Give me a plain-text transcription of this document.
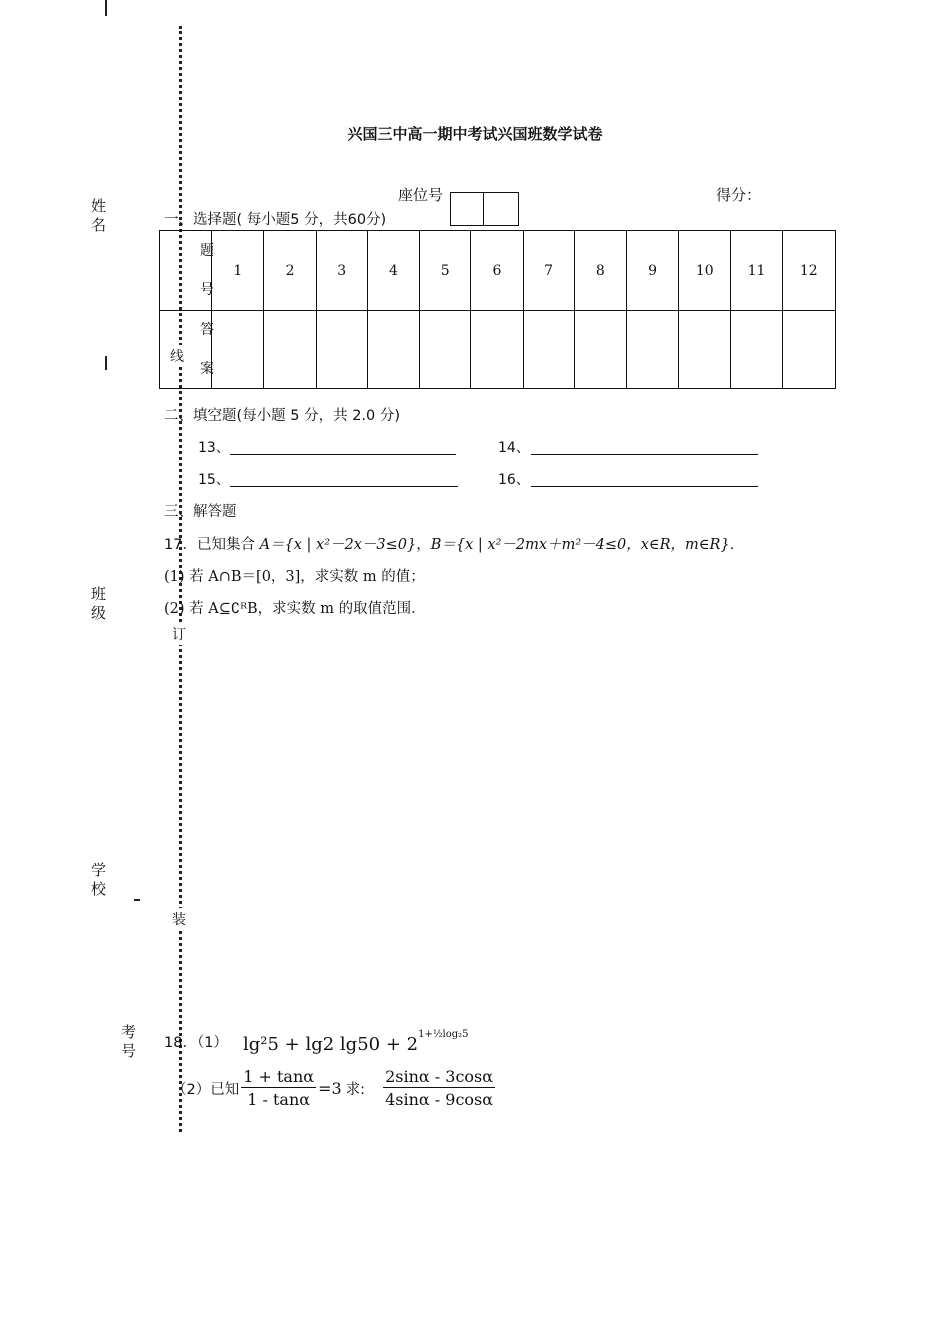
姓名
班级
学校
考号
线
订
装
兴国三中高一期中考试兴国班数学试卷
座位号	得分：
一、选择题( 每小题5 分，共60分)
题
号	1	2	3	4	5	6	7	8	9	10	11	12

答
案												

二、填空题(每小题 5 分，共 2.0 分)
13、	14、
15、	16、
三、解答题
17．已知集合 A＝{x | x²－2x－3≤0}，B＝{x | x²－2mx＋m²－4≤0，x∈R，m∈R}．
(1) 若 A∩B＝[0，3]，求实数 m 的值；
(2) 若 A⊆∁ᴿB，求实数 m 的取值范围．
18．（1） lg²5 + lg2 $\lg 50 + 2^{1+\frac{1}{2}log_25}$
（2）已知 $\frac{1 + \tan\alpha}{1 - \tan\alpha} =3$ 求: $\frac{2\sin\alpha - 3\cos\alpha}{4\sin\alpha - 9\cos\alpha}$
